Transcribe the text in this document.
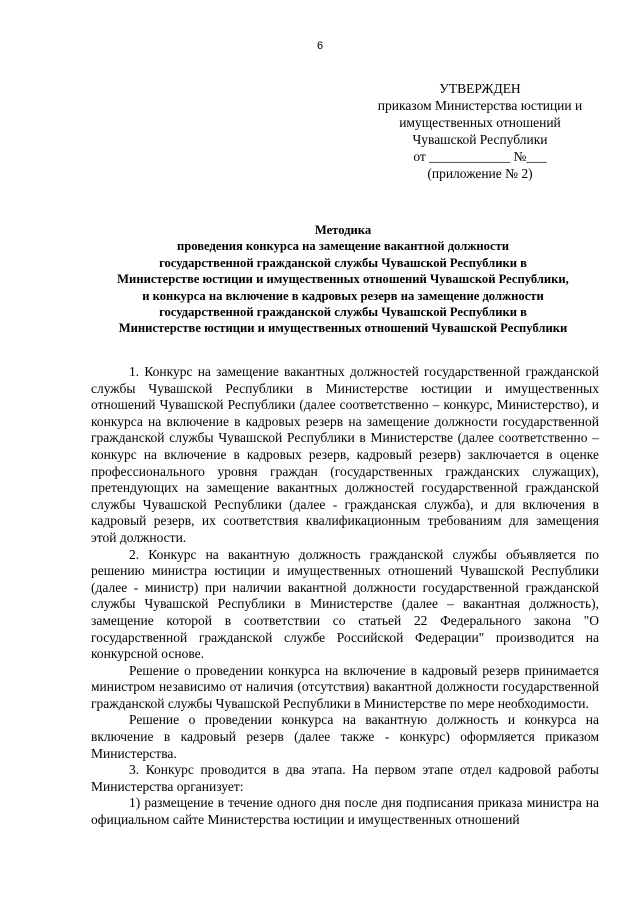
6
УТВЕРЖДЕН
приказом Министерства юстиции и
имущественных отношений
Чувашской Республики
от ____________ №___
(приложение № 2)
Методика
проведения конкурса на замещение вакантной должности
государственной гражданской службы Чувашской Республики в
Министерстве юстиции и имущественных отношений Чувашской Республики,
и конкурса на включение в кадровых резерв на замещение должности
государственной гражданской службы Чувашской Республики в
Министерстве юстиции и имущественных отношений Чувашской Республики

1. Конкурс на замещение вакантных должностей государственной гражданской службы Чувашской Республики в Министерстве юстиции и имущественных отношений Чувашской Республики (далее соответственно – конкурс, Министерство), и конкурса на включение в кадровых резерв на замещение должности государственной гражданской службы Чувашской Республики в Министерстве (далее соответственно – конкурс на включение в кадровых резерв, кадровый резерв) заключается в оценке профессионального уровня граждан (государственных гражданских служащих), претендующих на замещение вакантных должностей государственной гражданской службы Чувашской Республики (далее - гражданская служба), и для включения в кадровый резерв, их соответствия квалификационным требованиям для замещения этой должности.

2. Конкурс на вакантную должность гражданской службы объявляется по решению министра юстиции и имущественных отношений Чувашской Республики (далее - министр) при наличии вакантной должности государственной гражданской службы Чувашской Республики в Министерстве (далее – вакантная должность), замещение которой в соответствии со статьей 22 Федерального закона "О государственной гражданской службе Российской Федерации" производится на конкурсной основе.

Решение о проведении конкурса на включение в кадровый резерв принимается министром независимо от наличия (отсутствия) вакантной должности государственной гражданской службы Чувашской Республики в Министерстве по мере необходимости.

Решение о проведении конкурса на вакантную должность и конкурса на включение в кадровый резерв (далее также - конкурс) оформляется приказом Министерства.

3. Конкурс проводится в два этапа. На первом этапе отдел кадровой работы Министерства организует:

1) размещение в течение одного дня после дня подписания приказа министра на официальном сайте Министерства юстиции и имущественных отношений
